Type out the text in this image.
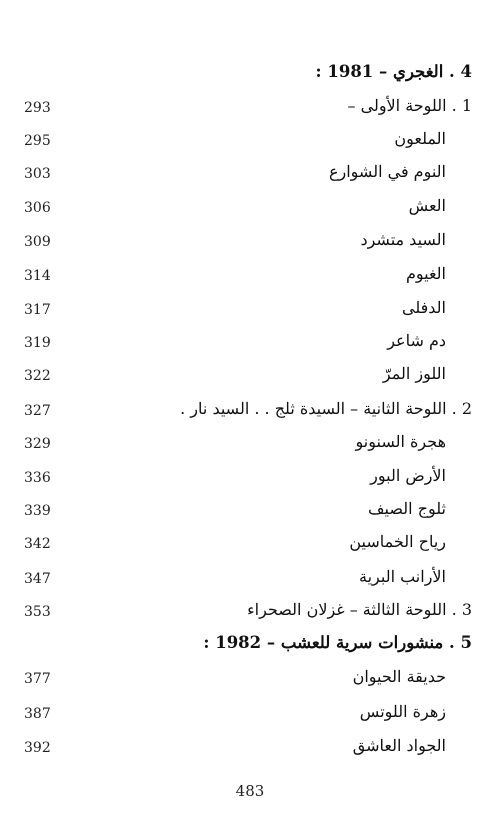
4 . الغجري – 1981 :
293	1 . اللوحة الأولى –
295	الملعون
303	النوم في الشوارع
306	العش
309	السيد متشرد
314	الغيوم
317	الدفلى
319	دم شاعر
322	اللوز المرّ
327	2 . اللوحة الثانية – السيدة ثلج . . السيد نار .
329	هجرة السنونو
336	الأرض البور
339	ثلوج الصيف
342	رياح الخماسين
347	الأرانب البرية
353	3 . اللوحة الثالثة – غزلان الصحراء
5 . منشورات سرية للعشب – 1982 :
377	حديقة الحيوان
387	زهرة اللوتس
392	الجواد العاشق
483
